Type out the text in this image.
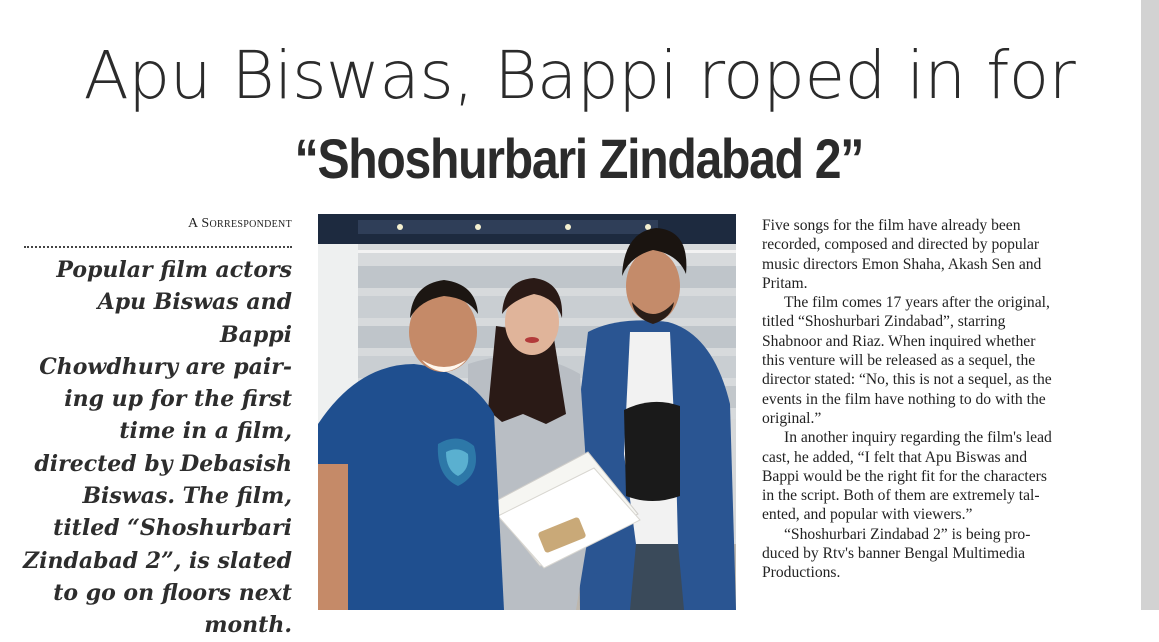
Apu Biswas, Bappi roped in for
“Shoshurbari Zindabad 2”
A Sorrespondent

Popular film actors
Apu Biswas and Bappi
Chowdhury are pair-
ing up for the first
time in a film,
directed by Debasish
Biswas. The film,
titled “Shoshurbari
Zindabad 2”, is slated
to go on floors next
month.

Five songs for the film have already been
recorded, composed and directed by popular
music directors Emon Shaha, Akash Sen and
Pritam.

The film comes 17 years after the original,
titled “Shoshurbari Zindabad”, starring
Shabnoor and Riaz. When inquired whether
this venture will be released as a sequel, the
director stated: “No, this is not a sequel, as the
events in the film have nothing to do with the
original.”

In another inquiry regarding the film's lead
cast, he added, “I felt that Apu Biswas and
Bappi would be the right fit for the characters
in the script. Both of them are extremely tal-
ented, and popular with viewers.”

“Shoshurbari Zindabad 2” is being pro-
duced by Rtv's banner Bengal Multimedia
Productions.
